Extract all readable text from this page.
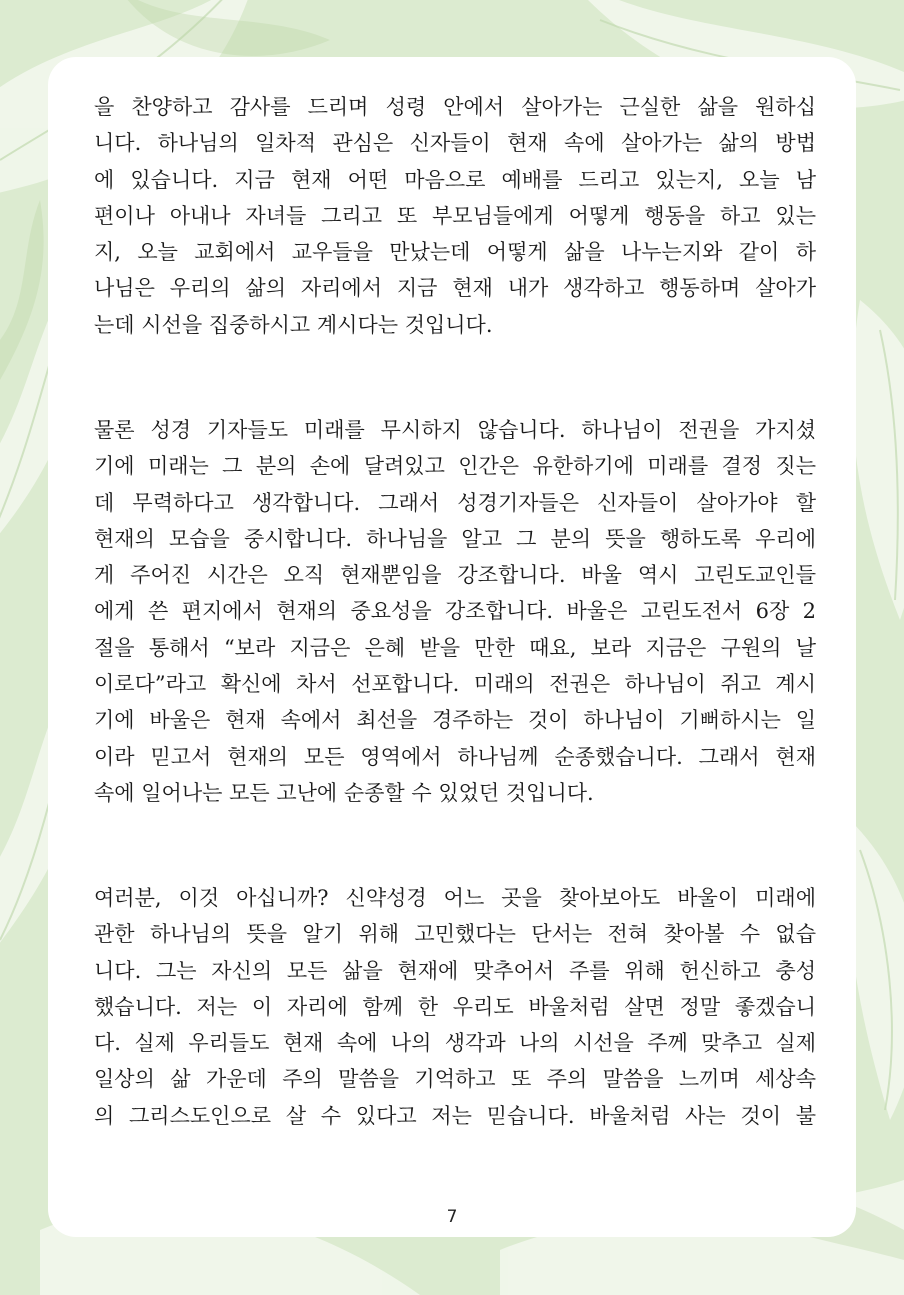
을 찬양하고 감사를 드리며 성령 안에서 살아가는 근실한 삶을 원하십
니다. 하나님의 일차적 관심은 신자들이 현재 속에 살아가는 삶의 방법
에 있습니다. 지금 현재 어떤 마음으로 예배를 드리고 있는지, 오늘 남
편이나 아내나 자녀들 그리고 또 부모님들에게 어떻게 행동을 하고 있는
지, 오늘 교회에서 교우들을 만났는데 어떻게 삶을 나누는지와 같이 하
나님은 우리의 삶의 자리에서 지금 현재 내가 생각하고 행동하며 살아가
는데 시선을 집중하시고 계시다는 것입니다.
물론 성경 기자들도 미래를 무시하지 않습니다. 하나님이 전권을 가지셨
기에 미래는 그 분의 손에 달려있고 인간은 유한하기에 미래를 결정 짓는
데 무력하다고 생각합니다. 그래서 성경기자들은 신자들이 살아가야 할
현재의 모습을 중시합니다. 하나님을 알고 그 분의 뜻을 행하도록 우리에
게 주어진 시간은 오직 현재뿐임을 강조합니다. 바울 역시 고린도교인들
에게 쓴 편지에서 현재의 중요성을 강조합니다. 바울은 고린도전서 6장 2
절을 통해서 “보라 지금은 은혜 받을 만한 때요, 보라 지금은 구원의 날
이로다”라고 확신에 차서 선포합니다. 미래의 전권은 하나님이 쥐고 계시
기에 바울은 현재 속에서 최선을 경주하는 것이 하나님이 기뻐하시는 일
이라 믿고서 현재의 모든 영역에서 하나님께 순종했습니다. 그래서 현재
속에 일어나는 모든 고난에 순종할 수 있었던 것입니다.
여러분, 이것 아십니까? 신약성경 어느 곳을 찾아보아도 바울이 미래에
관한 하나님의 뜻을 알기 위해 고민했다는 단서는 전혀 찾아볼 수 없습
니다. 그는 자신의 모든 삶을 현재에 맞추어서 주를 위해 헌신하고 충성
했습니다. 저는 이 자리에 함께 한 우리도 바울처럼 살면 정말 좋겠습니
다. 실제 우리들도 현재 속에 나의 생각과 나의 시선을 주께 맞추고 실제
일상의 삶 가운데 주의 말씀을 기억하고 또 주의 말씀을 느끼며 세상속
의 그리스도인으로 살 수 있다고 저는 믿습니다. 바울처럼 사는 것이 불
7
